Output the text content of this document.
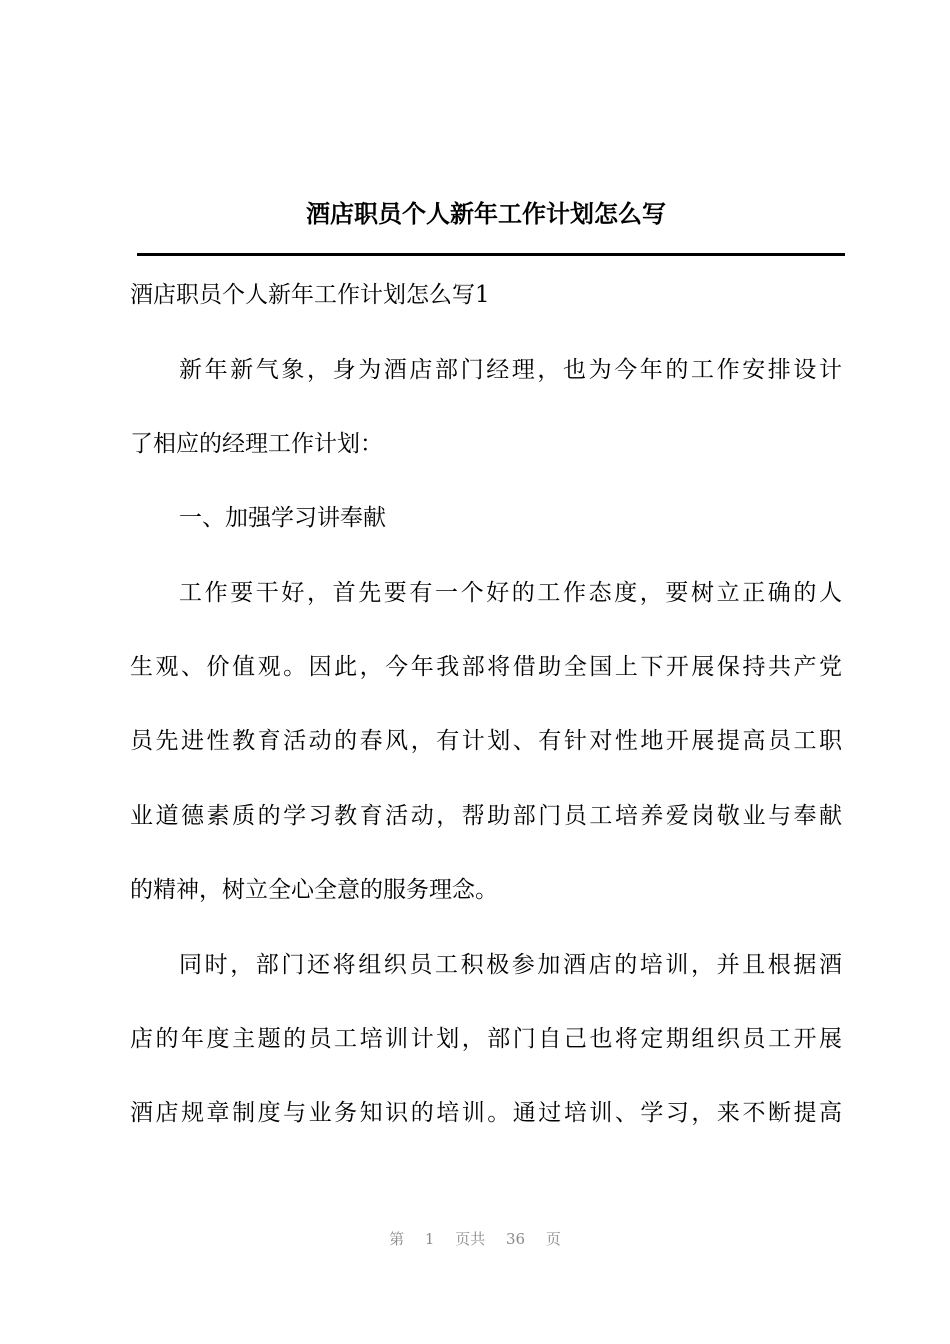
酒店职员个人新年工作计划怎么写
酒店职员个人新年工作计划怎么写1
新年新气象，身为酒店部门经理，也为今年的工作安排设计
了相应的经理工作计划：
一、加强学习讲奉献
工作要干好，首先要有一个好的工作态度，要树立正确的人
生观、价值观。因此，今年我部将借助全国上下开展保持共产党
员先进性教育活动的春风，有计划、有针对性地开展提高员工职
业道德素质的学习教育活动，帮助部门员工培养爱岗敬业与奉献
的精神，树立全心全意的服务理念。
同时，部门还将组织员工积极参加酒店的培训，并且根据酒
店的年度主题的员工培训计划，部门自己也将定期组织员工开展
酒店规章制度与业务知识的培训。通过培训、学习，来不断提高
第 1 页共 36 页
